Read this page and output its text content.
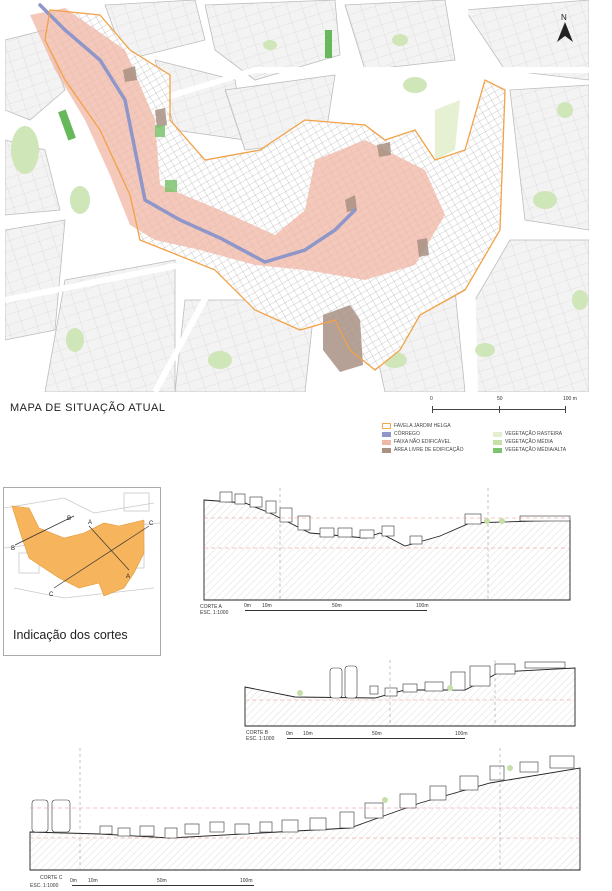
N
0	50	100 m
MAPA DE SITUAÇÃO ATUAL
FAVELA JARDIM HELGA
CÓRREGO
FAIXA NÃO EDIFICÁVEL
ÁREA LIVRE DE EDIFICAÇÃO
VEGETAÇÃO RASTEIRA
VEGETAÇÃO MÉDIA
VEGETAÇÃO MÉDIA/ALTA
B
B
A
A
C
C
Indicação dos cortes
CORTE A
ESC. 1:1000
0m 10m	50m	100m
CORTE B
ESC. 1:1000
0m 10m	50m	100m
CORTE C
ESC. 1:1000
0m 10m	50m	100m
